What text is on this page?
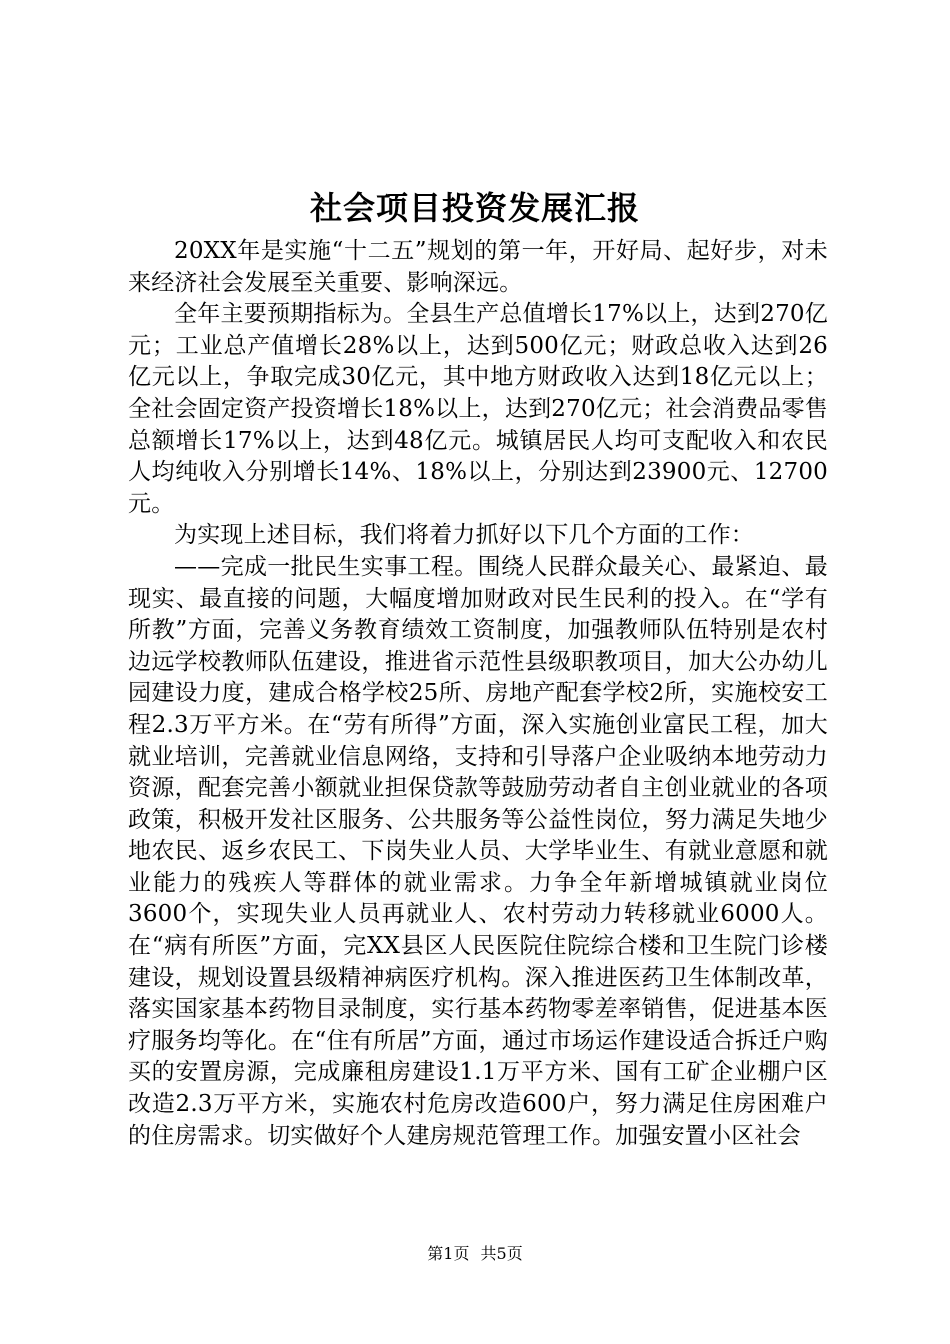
社会项目投资发展汇报

20XX年是实施“十二五”规划的第一年，开好局、起好步，对未来经济社会发展至关重要、影响深远。

全年主要预期指标为。全县生产总值增长17%以上，达到270亿元；工业总产值增长28%以上，达到500亿元；财政总收入达到26亿元以上，争取完成30亿元，其中地方财政收入达到18亿元以上；全社会固定资产投资增长18%以上，达到270亿元；社会消费品零售总额增长17%以上，达到48亿元。城镇居民人均可支配收入和农民人均纯收入分别增长14%、18%以上，分别达到23900元、12700元。

为实现上述目标，我们将着力抓好以下几个方面的工作：

——完成一批民生实事工程。围绕人民群众最关心、最紧迫、最现实、最直接的问题，大幅度增加财政对民生民利的投入。在“学有所教”方面，完善义务教育绩效工资制度，加强教师队伍特别是农村边远学校教师队伍建设，推进省示范性县级职教项目，加大公办幼儿园建设力度，建成合格学校25所、房地产配套学校2所，实施校安工程2.3万平方米。在“劳有所得”方面，深入实施创业富民工程，加大就业培训，完善就业信息网络，支持和引导落户企业吸纳本地劳动力资源，配套完善小额就业担保贷款等鼓励劳动者自主创业就业的各项政策，积极开发社区服务、公共服务等公益性岗位，努力满足失地少地农民、返乡农民工、下岗失业人员、大学毕业生、有就业意愿和就业能力的残疾人等群体的就业需求。力争全年新增城镇就业岗位3600个，实现失业人员再就业人、农村劳动力转移就业6000人。在“病有所医”方面，完XX县区人民医院住院综合楼和卫生院门诊楼建设，规划设置县级精神病医疗机构。深入推进医药卫生体制改革，落实国家基本药物目录制度，实行基本药物零差率销售，促进基本医疗服务均等化。在“住有所居”方面，通过市场运作建设适合拆迁户购买的安置房源，完成廉租房建设1.1万平方米、国有工矿企业棚户区改造2.3万平方米，实施农村危房改造600户，努力满足住房困难户的住房需求。切实做好个人建房规范管理工作。加强安置小区社会

第1页 共5页
